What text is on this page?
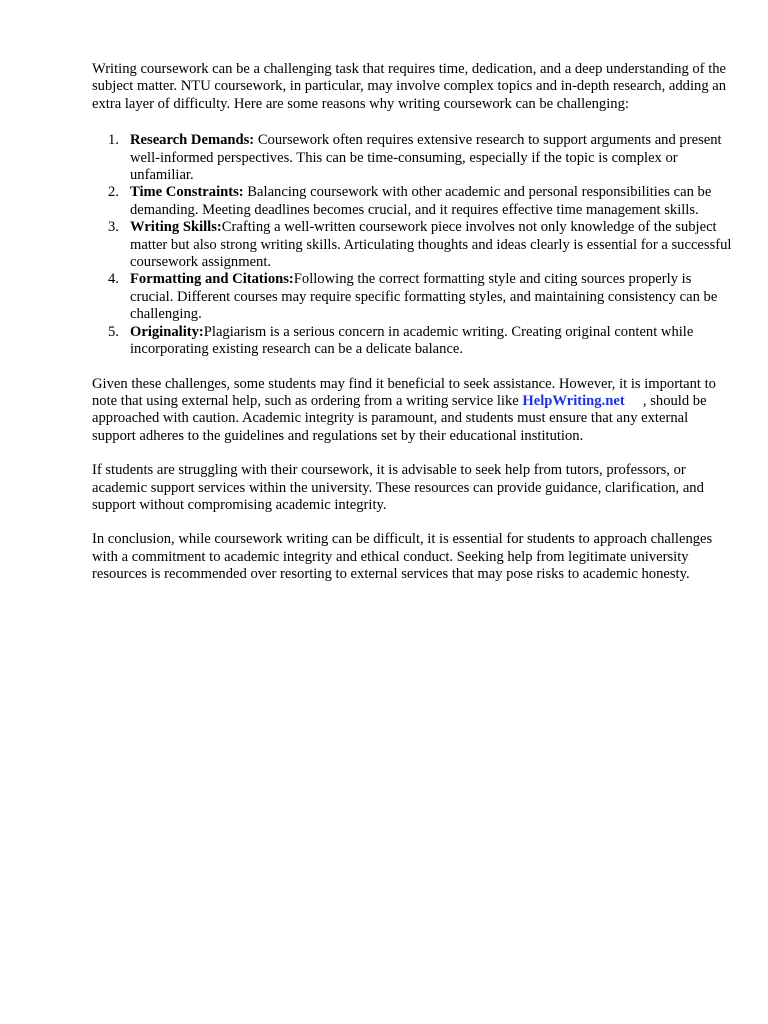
Writing coursework can be a challenging task that requires time, dedication, and a deep understanding of the subject matter. NTU coursework, in particular, may involve complex topics and in-depth research, adding an extra layer of difficulty. Here are some reasons why writing coursework can be challenging:

1. Research Demands: Coursework often requires extensive research to support arguments and present well-informed perspectives. This can be time-consuming, especially if the topic is complex or unfamiliar.
2. Time Constraints: Balancing coursework with other academic and personal responsibilities can be demanding. Meeting deadlines becomes crucial, and it requires effective time management skills.
3. Writing Skills:Crafting a well-written coursework piece involves not only knowledge of the subject matter but also strong writing skills. Articulating thoughts and ideas clearly is essential for a successful coursework assignment.
4. Formatting and Citations:Following the correct formatting style and citing sources properly is crucial. Different courses may require specific formatting styles, and maintaining consistency can be challenging.
5. Originality:Plagiarism is a serious concern in academic writing. Creating original content while incorporating existing research can be a delicate balance.

Given these challenges, some students may find it beneficial to seek assistance. However, it is important to note that using external help, such as ordering from a writing service like HelpWriting.net     , should be approached with caution. Academic integrity is paramount, and students must ensure that any external support adheres to the guidelines and regulations set by their educational institution.

If students are struggling with their coursework, it is advisable to seek help from tutors, professors, or academic support services within the university. These resources can provide guidance, clarification, and support without compromising academic integrity.

In conclusion, while coursework writing can be difficult, it is essential for students to approach challenges with a commitment to academic integrity and ethical conduct. Seeking help from legitimate university resources is recommended over resorting to external services that may pose risks to academic honesty.
